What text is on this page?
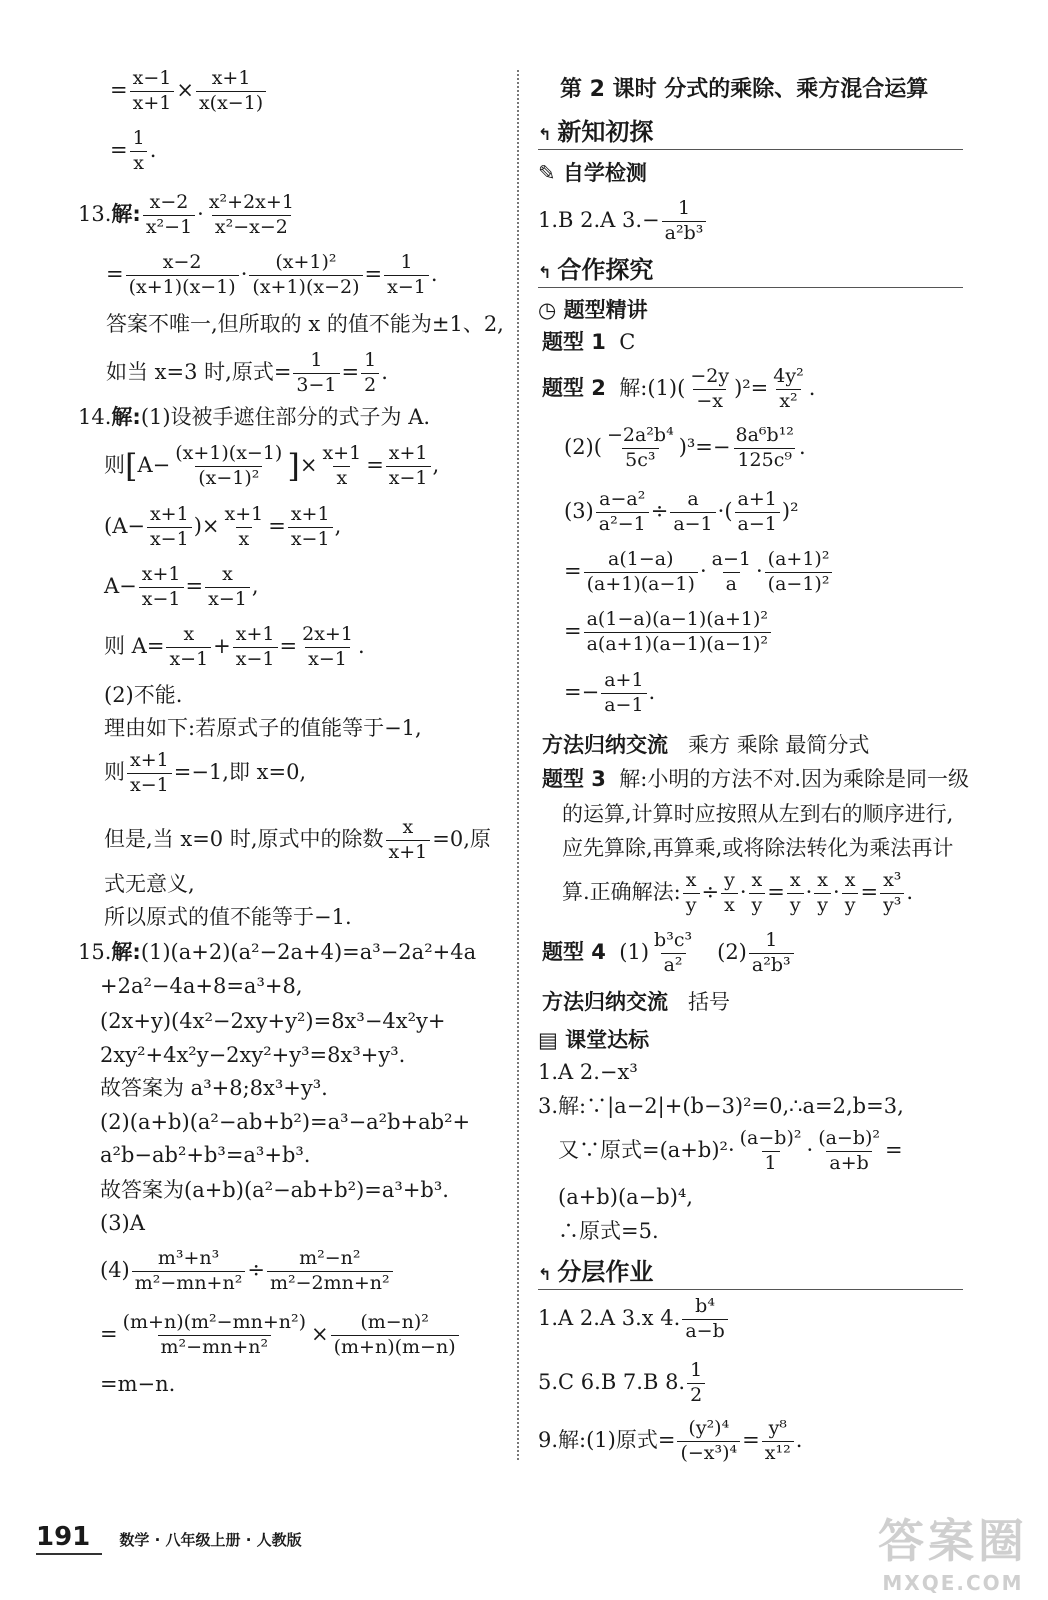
= $\frac{x-1}{x+1} \times \frac{x+1}{x(x-1)}$
= $\frac{1}{x}$ .
13.解: $\frac{x-2}{\text{x²−1}} \cdot \frac{\text{x²+2x+1}}{\text{x²−x−2}}$
= $\frac{x-2}{(x+1)(x-1)} \cdot \frac{\text{(x+1)²}}{(x+1)(x-2)} = \frac{1}{x-1}$ .
答案不唯一,但所取的 x 的值不能为±1、2,
如当 x=3 时,原式= $\frac{1}{3-1} = \frac{1}{2}$ .
14.解:(1)设被手遮住部分的式子为 A.
则[$A- \frac{(x+1)(x-1)}{\text{(x−1)²}}$ ]× $\frac{x+1}{x} = \frac{x+1}{x-1}$ ,
($A- \frac{x+1}{x-1}$ )× $\frac{x+1}{x} = \frac{x+1}{x-1}$ ,
$A- \frac{x+1}{x-1} = \frac{x}{x-1}$ ,
则 $A= \frac{x}{x-1} + \frac{x+1}{x-1} = \frac{2x+1}{x-1}$ .
(2)不能.
理由如下:若原式子的值能等于−1,
则 $\frac{x+1}{x-1} =-1$,即 x=0,
但是,当 x=0 时,原式中的除数 $\frac{x}{x+1} =0$,原
式无意义,
所以原式的值不能等于−1.
15.解:(1)(a+2)(a²−2a+4)=a³−2a²+4a
+2a²−4a+8=a³+8,
(2x+y)(4x²−2xy+y²)=8x³−4x²y+
2xy²+4x²y−2xy²+y³=8x³+y³.
故答案为 a³+8;8x³+y³.
(2)(a+b)(a²−ab+b²)=a³−a²b+ab²+
a²b−ab²+b³=a³+b³.
故答案为(a+b)(a²−ab+b²)=a³+b³.
(3)A
$(4) \frac{\text{m³+n³}}{\text{m²−mn+n²}} \div \frac{\text{m²−n²}}{\text{m²−2mn+n²}}$
= $\frac{\text{(m+n)(m²−mn+n²)}}{\text{m²−mn+n²}} \times \frac{\text{(m−n)²}}{(m+n)(m-n)}$
=m−n.
第 2 课时 分式的乘除、乘方混合运算
↰ 新知初探
✎ 自学检测
1.B 2.A $3.- \frac{1}{\text{a²b³}}$
↰ 合作探究
◷ 题型精讲
题型 1 C
题型 2 解:(1)( $\frac{-2y}{-x} )^2= \frac{\text{4y²}}{\text{x²}}$ .
$(2)( \frac{\text{−2a²b⁴}}{\text{5c³}} )^3=- \frac{\text{8a⁶b¹²}}{\text{125c⁹}}$ .
$(3) \frac{\text{a−a²}}{\text{a²−1}} \div \frac{a}{a-1}$ ·( $\frac{a+1}{a-1} )^2$
= $\frac{a(1-a)}{(a+1)(a-1)} \cdot \frac{a-1}{a} \cdot \frac{\text{(a+1)²}}{\text{(a−1)²}}$
= $\frac{\text{a(1−a)(a−1)(a+1)²}}{\text{a(a+1)(a−1)(a−1)²}}$
=− $\frac{a+1}{a-1}$ .
方法归纳交流 乘方 乘除 最简分式
题型 3 解:小明的方法不对.因为乘除是同一级
的运算,计算时应按照从左到右的顺序进行,
应先算除,再算乘,或将除法转化为乘法再计
算.正确解法: $\frac{x}{y} \div \frac{y}{x} \cdot \frac{x}{y} = \frac{x}{y} \cdot \frac{x}{y} \cdot \frac{x}{y} = \frac{\text{x³}}{\text{y³}}$ .
题型 4 $(1) \frac{\text{b³c³}}{\text{a²}} (2) \frac{1}{\text{a²b³}}$
方法归纳交流 括号
▤ 课堂达标
1.A 2.−x³
3.解:∵|a−2|+(b−3)²=0,∴a=2,b=3,
又∵原式$=(a+b)^2\cdot \frac{\text{(a−b)²}}{1} \cdot \frac{\text{(a−b)²}}{a+b}$ =
(a+b)(a−b)⁴,
∴原式=5.
↰ 分层作业
1.A 2.A 3.x 4. $\frac{\text{b⁴}}{a-b}$
5.C 6.B 7.B 8. $\frac{1}{2}$
9.解:(1)原式= $\frac{\text{(y²)⁴}}{\text{(−x³)⁴}} = \frac{\text{y⁸}}{\text{x¹²}}$ .
191 数学 · 八年级上册 · 人教版	答案圈
MXQE.COM
